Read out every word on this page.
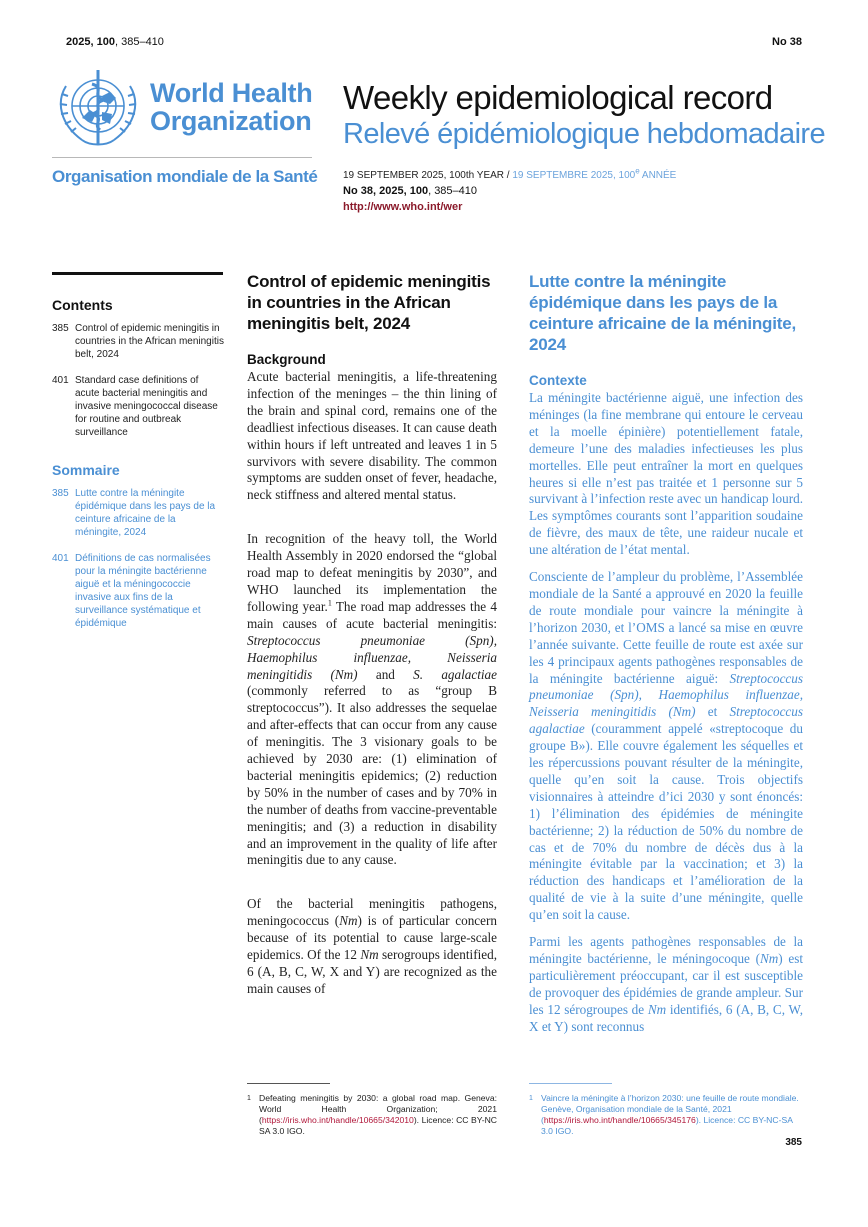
2025, 100, 385–410	No 38
World Health
Organization
Organisation mondiale de la Santé
Weekly epidemiological record
Relevé épidémiologique hebdomadaire
19 SEPTEMBER 2025, 100th YEAR / 19 SEPTEMBRE 2025, 100e ANNÉE
No 38, 2025, 100, 385–410
http://www.who.int/wer
Contents
385 Control of epidemic meningitis in countries in the African meningitis belt, 2024
401 Standard case definitions of acute bacterial meningitis and invasive meningococcal disease for routine and outbreak surveillance
Sommaire
385 Lutte contre la méningite épidémique dans les pays de la ceinture africaine de la méningite, 2024
401 Définitions de cas normalisées pour la méningite bactérienne aiguë et la méningococcie invasive aux fins de la surveillance systématique et épidémique
Control of epidemic meningitis in countries in the African meningitis belt, 2024
Background

Acute bacterial meningitis, a life-threatening infection of the meninges – the thin lining of the brain and spinal cord, remains one of the deadliest infectious diseases. It can cause death within hours if left untreated and leaves 1 in 5 survivors with severe disability. The common symptoms are sudden onset of fever, headache, neck stiffness and altered mental status.

In recognition of the heavy toll, the World Health Assembly in 2020 endorsed the “global road map to defeat meningitis by 2030”, and WHO launched its implementation the following year.$^1$ The road map addresses the 4 main causes of acute bacterial meningitis: Streptococcus pneumoniae (Spn), Haemophilus influenzae, Neisseria meningitidis (Nm) and S. agalactiae (commonly referred to as “group B streptococcus”). It also addresses the sequelae and after-effects that can occur from any cause of meningitis. The 3 visionary goals to be achieved by 2030 are: (1) elimination of bacterial meningitis epidemics; (2) reduction by 50% in the number of cases and by 70% in the number of deaths from vaccine-preventable meningitis; and (3) a reduction in disability and an improvement in the quality of life after meningitis due to any cause.

Of the bacterial meningitis pathogens, meningococcus (Nm) is of particular concern because of its potential to cause large-scale epidemics. Of the 12 Nm serogroups identified, 6 (A, B, C, W, X and Y) are recognized as the main causes of

Lutte contre la méningite épidémique dans les pays de la ceinture africaine de la méningite, 2024
Contexte

La méningite bactérienne aiguë, une infection des méninges (la fine membrane qui entoure le cerveau et la moelle épinière) potentiellement fatale, demeure l’une des maladies infectieuses les plus mortelles. Elle peut entraîner la mort en quelques heures si elle n’est pas traitée et 1 personne sur 5 survivant à l’infection reste avec un handicap lourd. Les symptômes courants sont l’apparition soudaine de fièvre, des maux de tête, une raideur nucale et une altération de l’état mental.

Consciente de l’ampleur du problème, l’Assemblée mondiale de la Santé a approuvé en 2020 la feuille de route mondiale pour vaincre la méningite à l’horizon 2030, et l’OMS a lancé sa mise en œuvre l’année suivante. Cette feuille de route est axée sur les 4 principaux agents pathogènes responsables de la méningite bactérienne aiguë: Streptococcus pneumoniae (Spn), Haemophilus influenzae, Neisseria meningitidis (Nm) et Streptococcus agalactiae (couramment appelé «streptocoque du groupe B»). Elle couvre également les séquelles et les répercussions pouvant résulter de la méningite, quelle qu’en soit la cause. Trois objectifs visionnaires à atteindre d’ici 2030 y sont énoncés: 1) l’élimination des épidémies de méningite bactérienne; 2) la réduction de 50% du nombre de cas et de 70% du nombre de décès dus à la méningite évitable par la vaccination; et 3) la réduction des handicaps et l’amélioration de la qualité de vie à la suite d’une méningite, quelle qu’en soit la cause.

Parmi les agents pathogènes responsables de la méningite bactérienne, le méningocoque (Nm) est particulièrement préoccupant, car il est susceptible de provoquer des épidémies de grande ampleur. Sur les 12 sérogroupes de Nm identifiés, 6 (A, B, C, W, X et Y) sont reconnus

1 Defeating meningitis by 2030: a global road map. Geneva: World Health Organization; 2021 (https://iris.who.int/handle/10665/342010). Licence: CC BY-NC SA 3.0 IGO.
1 Vaincre la méningite à l’horizon 2030: une feuille de route mondiale. Genève, Organisation mondiale de la Santé, 2021 (https://iris.who.int/handle/10665/345176). Licence: CC BY-NC-SA 3.0 IGO.
385
